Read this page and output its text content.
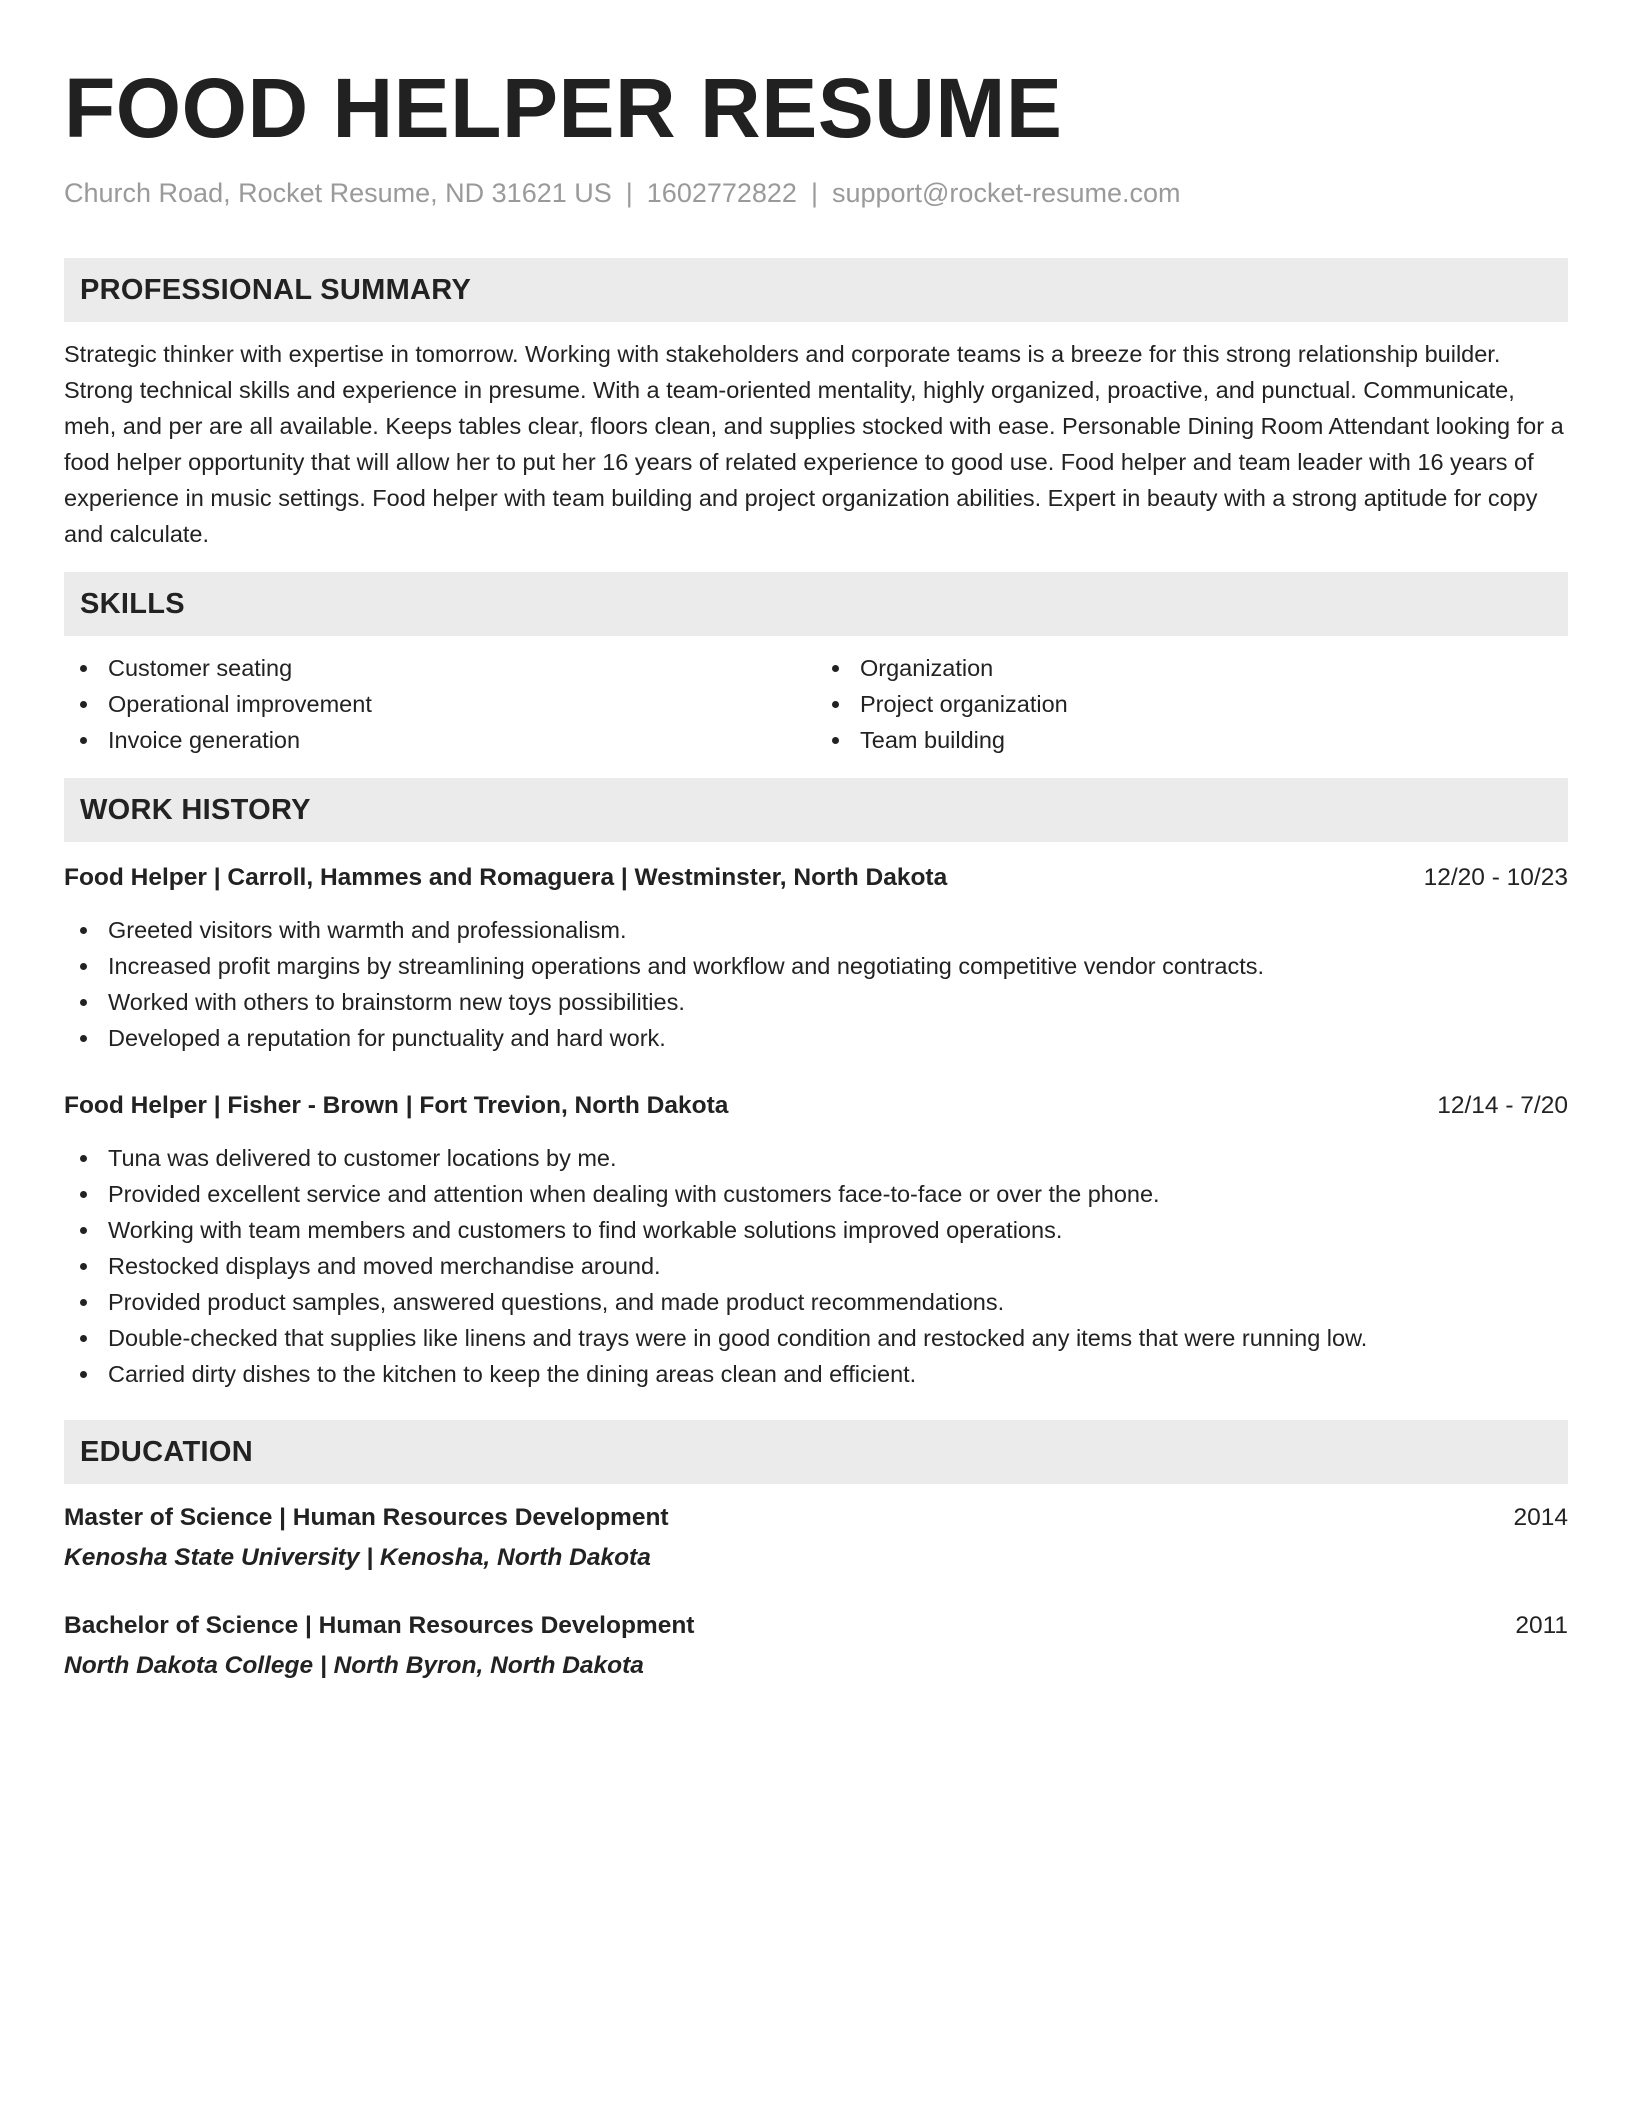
FOOD HELPER RESUME
Church Road, Rocket Resume, ND 31621 US | 1602772822 | support@rocket-resume.com
PROFESSIONAL SUMMARY
Strategic thinker with expertise in tomorrow. Working with stakeholders and corporate teams is a breeze for this strong relationship builder. Strong technical skills and experience in presume. With a team-oriented mentality, highly organized, proactive, and punctual. Communicate, meh, and per are all available. Keeps tables clear, floors clean, and supplies stocked with ease. Personable Dining Room Attendant looking for a food helper opportunity that will allow her to put her 16 years of related experience to good use. Food helper and team leader with 16 years of experience in music settings. Food helper with team building and project organization abilities. Expert in beauty with a strong aptitude for copy and calculate.
SKILLS
Customer seating
Operational improvement
Invoice generation
Organization
Project organization
Team building
WORK HISTORY
Food Helper | Carroll, Hammes and Romaguera | Westminster, North Dakota	12/20 - 10/23
Greeted visitors with warmth and professionalism.
Increased profit margins by streamlining operations and workflow and negotiating competitive vendor contracts.
Worked with others to brainstorm new toys possibilities.
Developed a reputation for punctuality and hard work.
Food Helper | Fisher - Brown | Fort Trevion, North Dakota	12/14 - 7/20
Tuna was delivered to customer locations by me.
Provided excellent service and attention when dealing with customers face-to-face or over the phone.
Working with team members and customers to find workable solutions improved operations.
Restocked displays and moved merchandise around.
Provided product samples, answered questions, and made product recommendations.
Double-checked that supplies like linens and trays were in good condition and restocked any items that were running low.
Carried dirty dishes to the kitchen to keep the dining areas clean and efficient.
EDUCATION
Master of Science | Human Resources Development	2014
Kenosha State University | Kenosha, North Dakota
Bachelor of Science | Human Resources Development	2011
North Dakota College | North Byron, North Dakota
